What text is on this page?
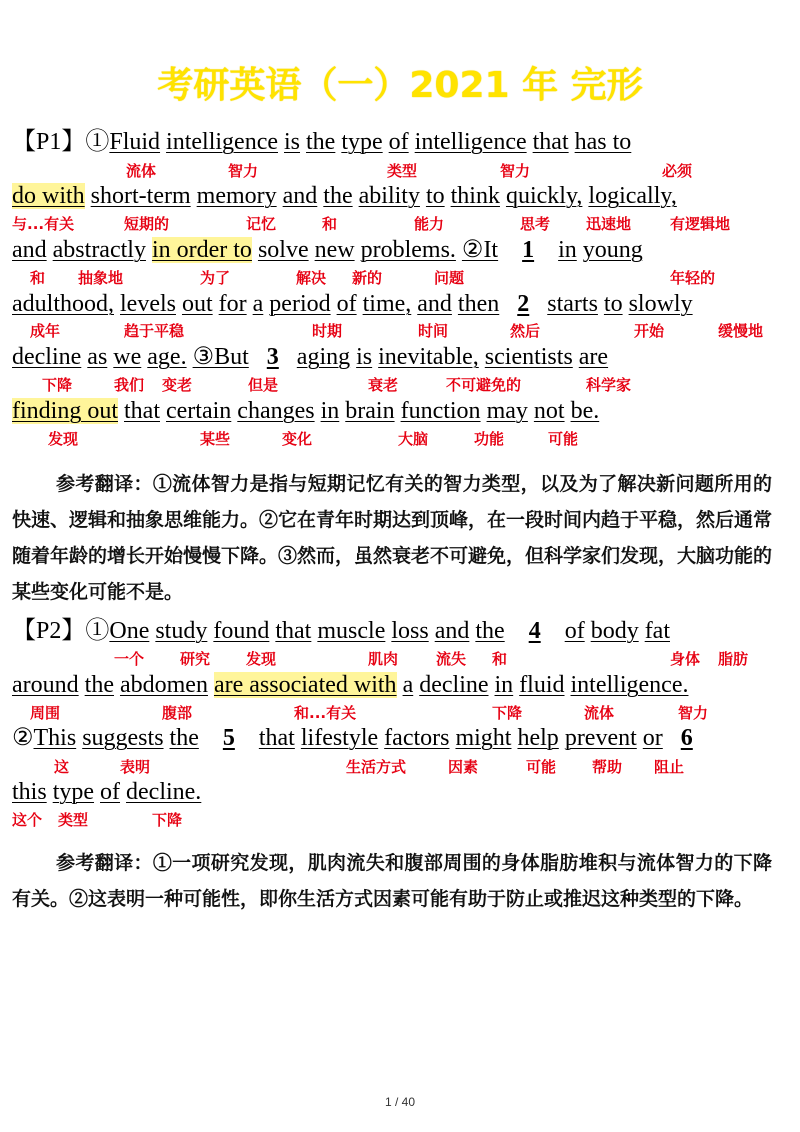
考研英语（一）2021 年 完形
【P1】①Fluid intelligence is the type of intelligence that has to
流体	智力	类型	智力	必须
do with short-term memory and the ability to think quickly, logically,
与...有关	短期的	记忆	和	能力	思考 迅速地	有逻辑地
and abstractly in order to solve new problems. ②It 1 in young
和 抽象地	为了	解决 新的	问题	年轻的
adulthood, levels out for a period of time, and then 2 starts to slowly
成年	趋于平稳	时期	时间	然后	开始	缓慢地
decline as we age. ③But 3 aging is inevitable, scientists are
下降	我们 变老	但是	衰老	不可避免的	科学家
finding out that certain changes in brain function may not be.
发现	某些	变化	大脑	功能	可能
参考翻译：①流体智力是指与短期记忆有关的智力类型，以及为了解决新问题所用的快速、逻辑和抽象思维能力。②它在青年时期达到顶峰，在一段时间内趋于平稳，然后通常随着年龄的增长开始慢慢下降。③然而，虽然衰老不可避免，但科学家们发现，大脑功能的某些变化可能不是。
【P2】①One study found that muscle loss and the 4 of body fat
一个 研究 发现	肌肉	流失 和	身体 脂肪
around the abdomen are associated with a decline in fluid intelligence.
周围	腹部	和...有关	下降	流体	智力
②This suggests the 5 that lifestyle factors might help prevent or 6
这	表明	生活方式	因素	可能 帮助 阻止
this type of decline.
这个 类型	下降
参考翻译：①一项研究发现，肌肉流失和腹部周围的身体脂肪堆积与流体智力的下降有关。②这表明一种可能性，即你生活方式因素可能有助于防止或推迟这种类型的下降。
1 / 40
